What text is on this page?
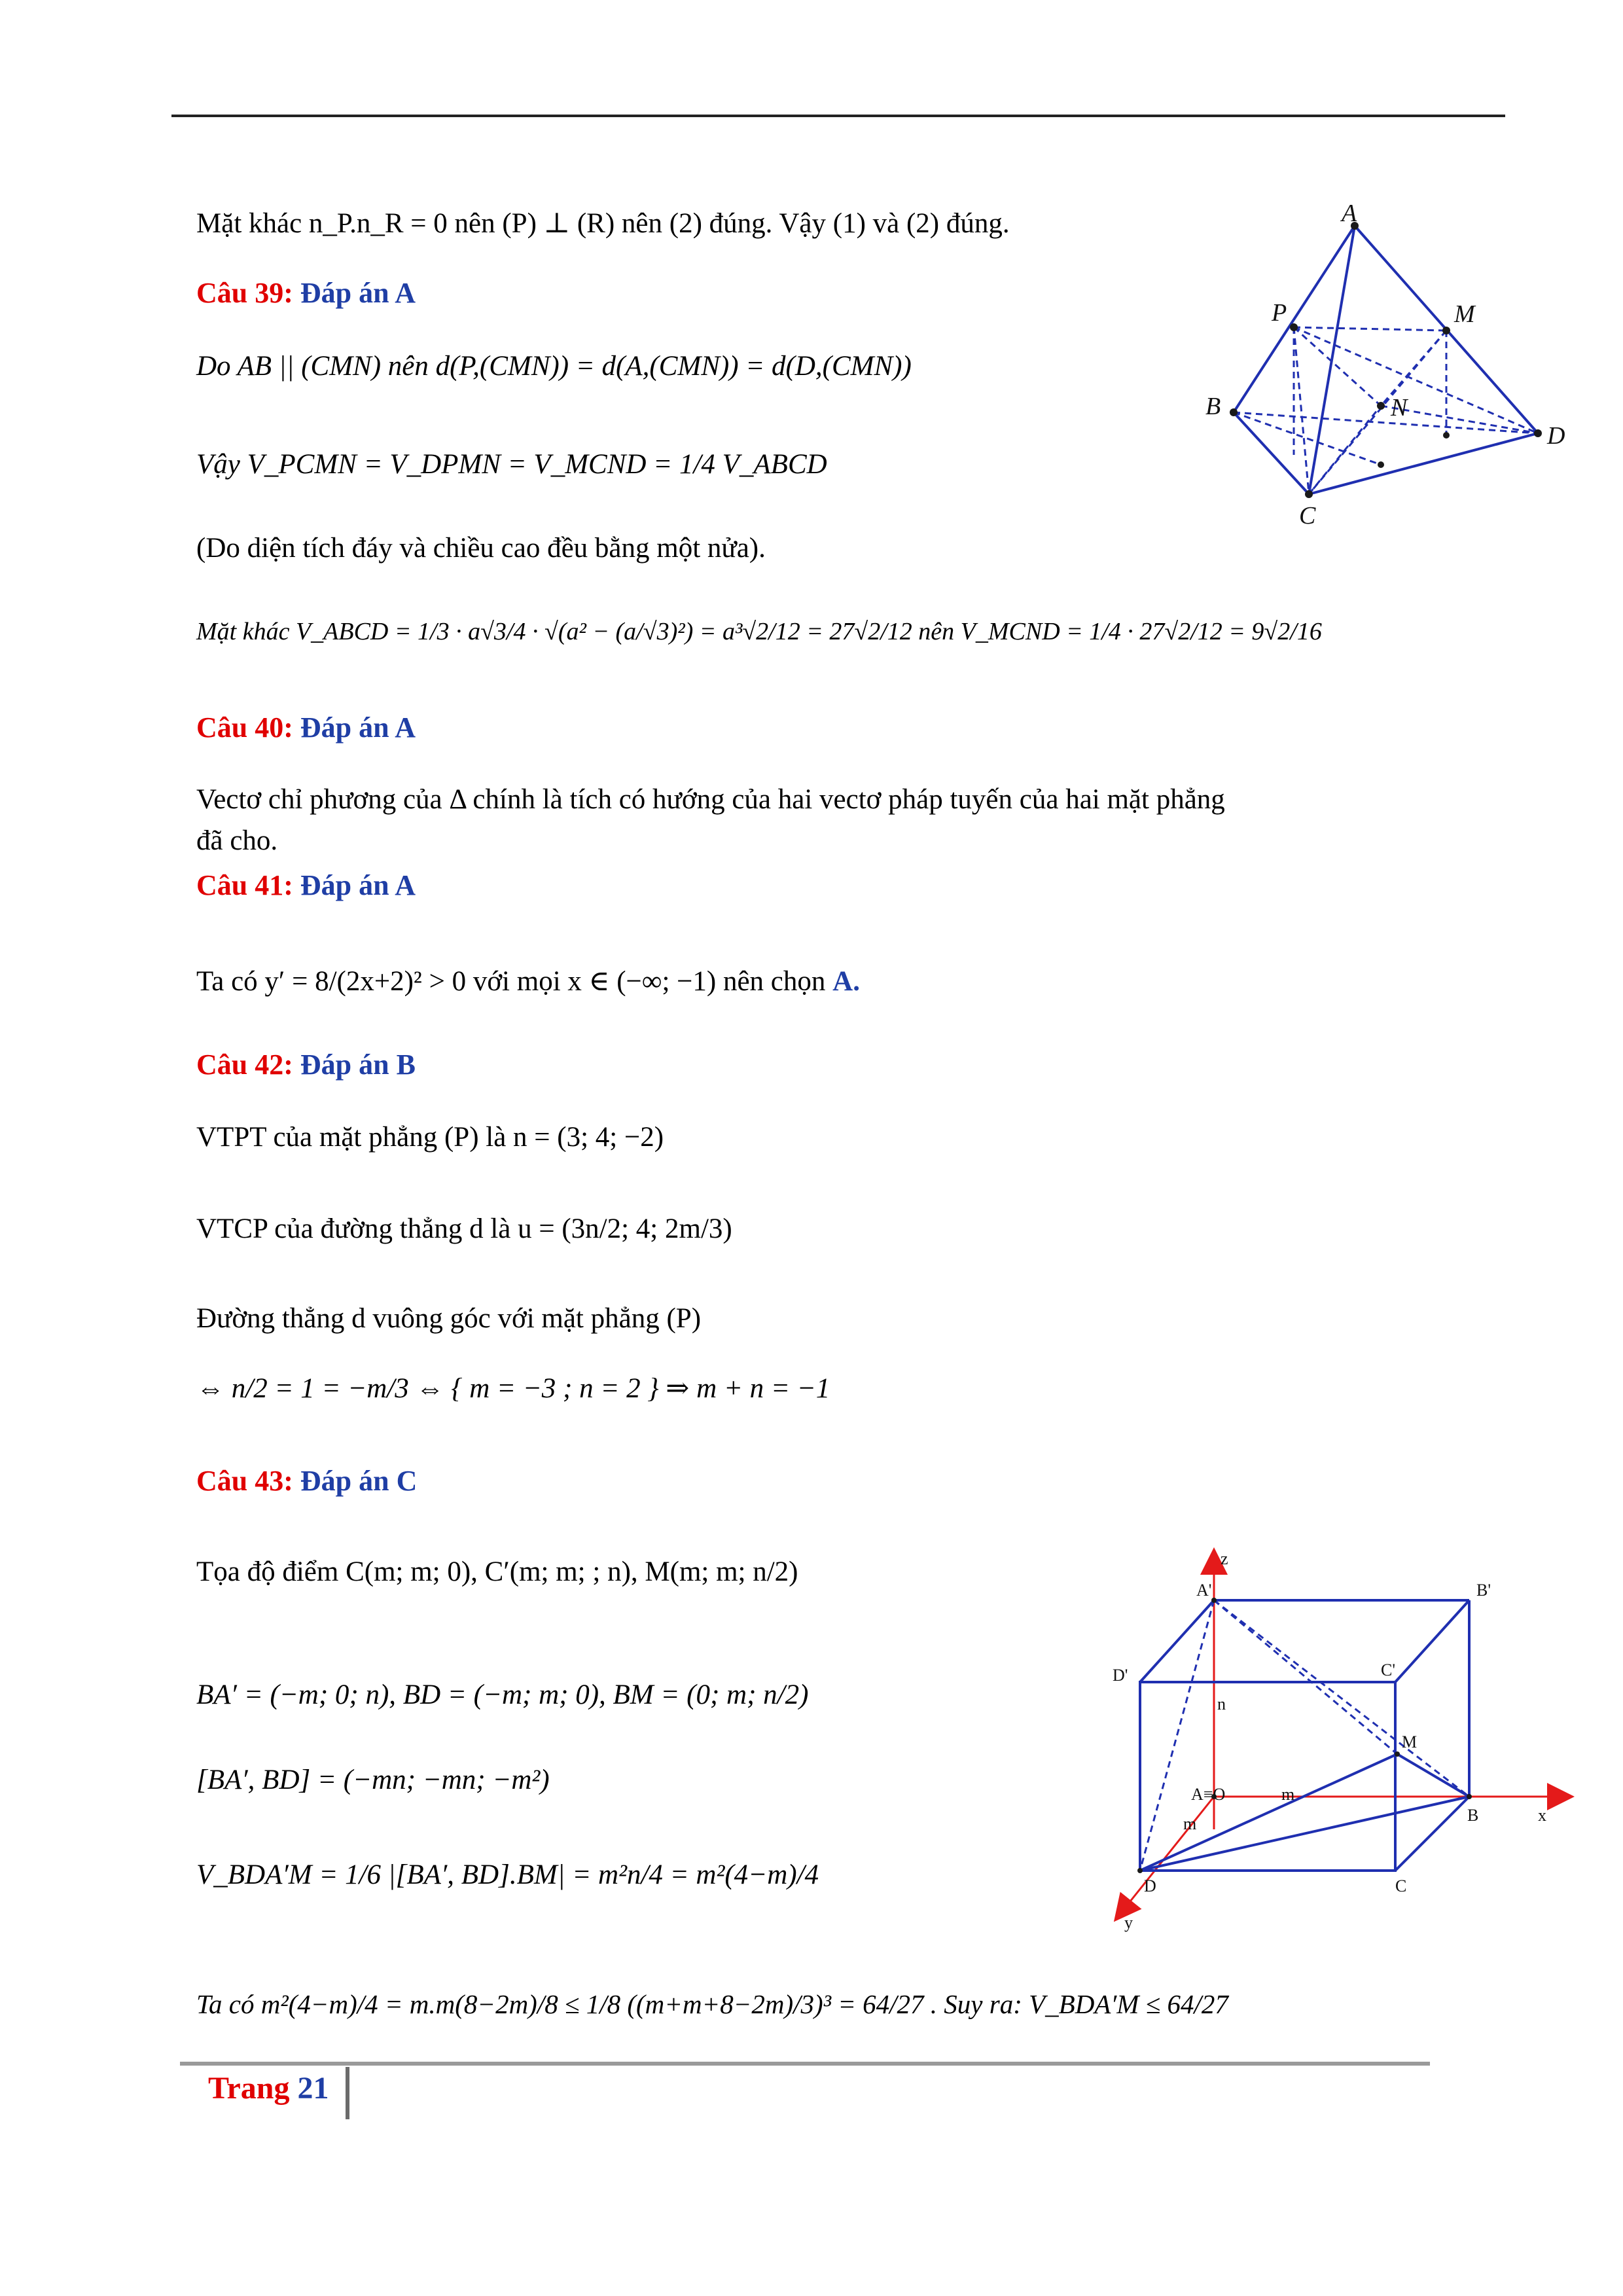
Mặt khác n_P.n_R = 0 nên (P) ⊥ (R) nên (2) đúng. Vậy (1) và (2) đúng.
Câu 39: Đáp án A
Do AB || (CMN) nên d(P,(CMN)) = d(A,(CMN)) = d(D,(CMN))
Vậy V_PCMN = V_DPMN = V_MCND = 1/4 V_ABCD
(Do diện tích đáy và chiều cao đều bằng một nửa).
Mặt khác V_ABCD = 1/3 · a√3/4 · √(a² − (a/√3)²) = a³√2/12 = 27√2/12 nên V_MCND = 1/4 · 27√2/12 = 9√2/16
Câu 40: Đáp án A
Vectơ chỉ phương của Δ chính là tích có hướng của hai vectơ pháp tuyến của hai mặt phẳng
đã cho.
Câu 41: Đáp án A
Ta có y′ = 8/(2x+2)² > 0 với mọi x ∈ (−∞; −1) nên chọn A.
Câu 42: Đáp án B
VTPT của mặt phẳng (P) là n = (3; 4; −2)
VTCP của đường thẳng d là u = (3n/2; 4; 2m/3)
Đường thẳng d vuông góc với mặt phẳng (P)
⇔ n/2 = 1 = −m/3 ⇔ { m = −3 ; n = 2 } ⇒ m + n = −1
Câu 43: Đáp án C
Tọa độ điểm C(m; m; 0), C′(m; m; ; n), M(m; m; n/2)
BA′ = (−m; 0; n), BD = (−m; m; 0), BM = (0; m; n/2)
[BA′, BD] = (−mn; −mn; −m²)
V_BDA′M = 1/6 |[BA′, BD].BM| = m²n/4 = m²(4−m)/4
Ta có m²(4−m)/4 = m.m(8−2m)/8 ≤ 1/8 ((m+m+8−2m)/3)³ = 64/27 . Suy ra: V_BDA′M ≤ 64/27
A
P	M
B	N
D
C
z
A'	B'
D'	C'
n
M
A≡O	m
m	B	x
D	C
y
Trang 21
